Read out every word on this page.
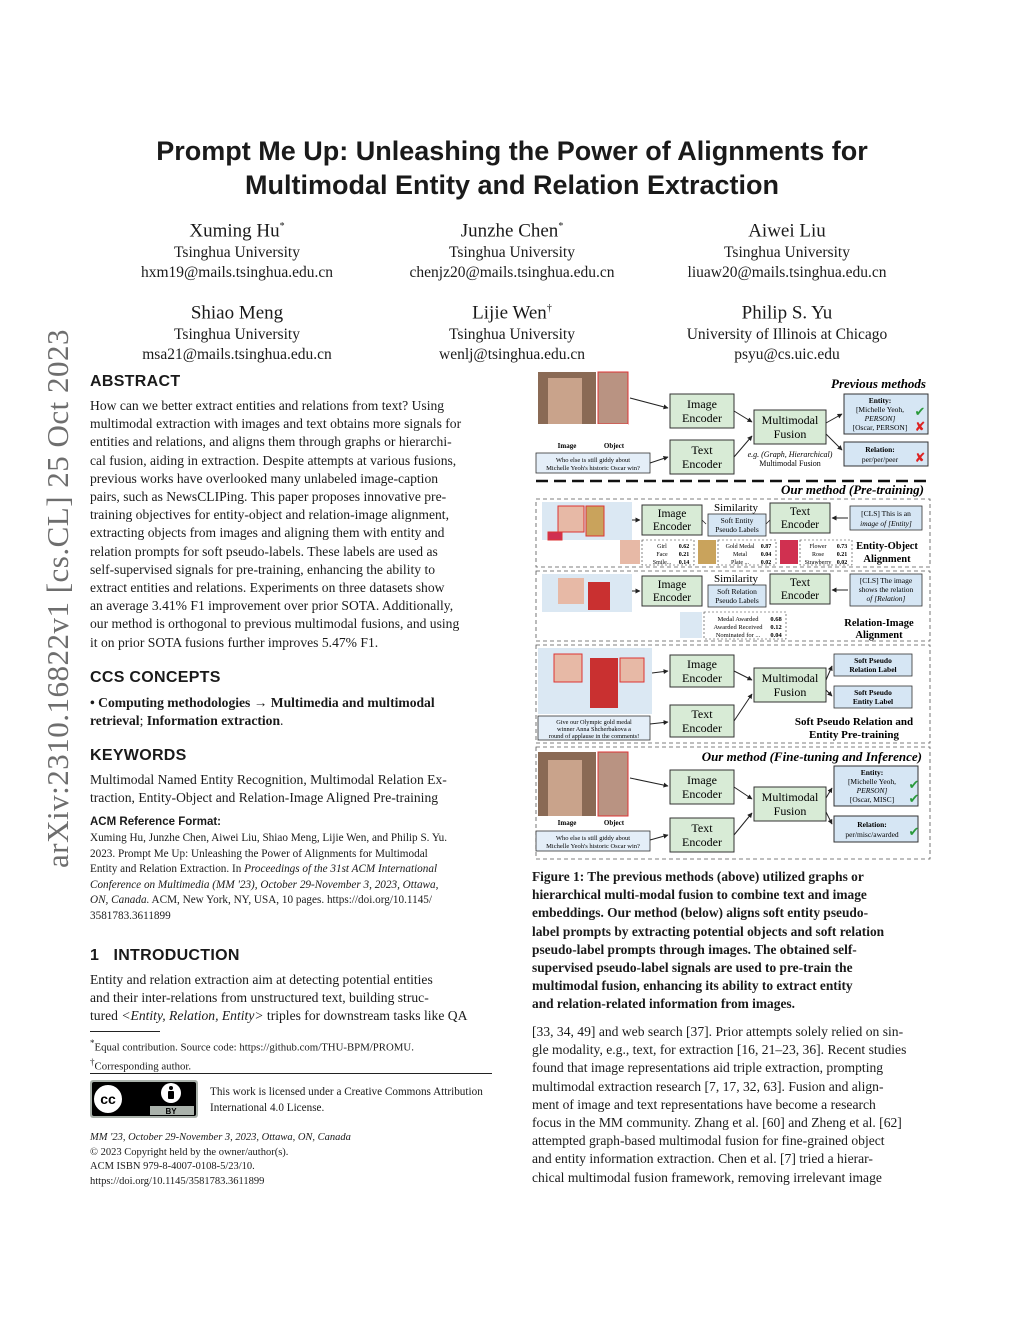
arXiv:2310.16822v1 [cs.CL] 25 Oct 2023
Prompt Me Up: Unleashing the Power of Alignments for
Multimodal Entity and Relation Extraction
Xuming Hu*
Tsinghua University
hxm19@mails.tsinghua.edu.cn
Junzhe Chen*
Tsinghua University
chenjz20@mails.tsinghua.edu.cn
Aiwei Liu
Tsinghua University
liuaw20@mails.tsinghua.edu.cn
Shiao Meng
Tsinghua University
msa21@mails.tsinghua.edu.cn
Lijie Wen†
Tsinghua University
wenlj@tsinghua.edu.cn
Philip S. Yu
University of Illinois at Chicago
psyu@cs.uic.edu
ABSTRACT
How can we better extract entities and relations from text? Using
multimodal extraction with images and text obtains more signals for
entities and relations, and aligns them through graphs or hierarchi-
cal fusion, aiding in extraction. Despite attempts at various fusions,
previous works have overlooked many unlabeled image-caption
pairs, such as NewsCLIPing. This paper proposes innovative pre-
training objectives for entity-object and relation-image alignment,
extracting objects from images and aligning them with entity and
relation prompts for soft pseudo-labels. These labels are used as
self-supervised signals for pre-training, enhancing the ability to
extract entities and relations. Experiments on three datasets show
an average 3.41% F1 improvement over prior SOTA. Additionally,
our method is orthogonal to previous multimodal fusions, and using
it on prior SOTA fusions further improves 5.47% F1.
CCS CONCEPTS
• Computing methodologies → Multimedia and multimodal
retrieval; Information extraction.
KEYWORDS
Multimodal Named Entity Recognition, Multimodal Relation Ex-
traction, Entity-Object and Relation-Image Aligned Pre-training
ACM Reference Format:
Xuming Hu, Junzhe Chen, Aiwei Liu, Shiao Meng, Lijie Wen, and Philip S. Yu.
2023. Prompt Me Up: Unleashing the Power of Alignments for Multimodal
Entity and Relation Extraction. In Proceedings of the 31st ACM International
Conference on Multimedia (MM '23), October 29-November 3, 2023, Ottawa,
ON, Canada. ACM, New York, NY, USA, 10 pages. https://doi.org/10.1145/
3581783.3611899
1 INTRODUCTION
Entity and relation extraction aim at detecting potential entities
and their inter-relations from unstructured text, building struc-
tured <Entity, Relation, Entity> triples for downstream tasks like QA
*Equal contribution. Source code: https://github.com/THU-BPM/PROMU.
†Corresponding author.
cc
BY
This work is licensed under a Creative Commons Attribution
International 4.0 License.
MM '23, October 29-November 3, 2023, Ottawa, ON, Canada
© 2023 Copyright held by the owner/author(s).
ACM ISBN 979-8-4007-0108-5/23/10.
https://doi.org/10.1145/3581783.3611899
Image	Object
Who else is still giddy about
Michelle Yeoh's historic Oscar win?
Image
Encoder
Text
Encoder
Multimodal
Fusion
e.g. (Graph, Hierarchical)
Multimodal Fusion
Previous methods
Entity:
[Michelle Yeoh,
PERSON]
[Oscar, PERSON]
✔
✘
Relation:
per/per/peer ✘
Our method (Pre-training)
Image
Encoder
Similarity
Soft Entity
Pseudo Labels
Text
Encoder
[CLS] This is an
image of [Entity]
Girl 0.62
Face 0.21
Smile... 0.14
Gold Medal 0.87
Metal 0.04
Plate ... 0.02
Flower 0.73
Rose 0.21
Strawberry 0.02
Entity-Object
Alignment
Image
Encoder
Similarity
Soft Relation
Pseudo Labels
Text
Encoder
[CLS] The image
shows the relation
of [Relation]
Medal Awarded 0.68
Awarded Received 0.12
Nominated for ... 0.04
Relation-Image
Alignment
Give our Olympic gold medal
winner Anna Shcherbakova a
round of applause in the comments!
Image
Encoder
Text
Encoder
Multimodal
Fusion
Soft Pseudo
Relation Label
Soft Pseudo
Entity Label
Soft Pseudo Relation and
Entity Pre-training
Our method (Fine-tuning and Inference)
Image	Object
Who else is still giddy about
Michelle Yeoh's historic Oscar win?
Image
Encoder
Text
Encoder
Multimodal
Fusion
Entity:
[Michelle Yeoh,
PERSON]
[Oscar, MISC]
✔
✔
Relation:
per/misc/awarded ✔
Figure 1: The previous methods (above) utilized graphs or
hierarchical multi-modal fusion to combine text and image
embeddings. Our method (below) aligns soft entity pseudo-
label prompts by extracting potential objects and soft relation
pseudo-label prompts through images. The obtained self-
supervised pseudo-label signals are used to pre-train the
multimodal fusion, enhancing its ability to extract entity
and relation-related information from images.
[33, 34, 49] and web search [37]. Prior attempts solely relied on sin-
gle modality, e.g., text, for extraction [16, 21–23, 36]. Recent studies
found that image representations aid triple extraction, prompting
multimodal extraction research [7, 17, 32, 63]. Fusion and align-
ment of image and text representations have become a research
focus in the MM community. Zhang et al. [60] and Zheng et al. [62]
attempted graph-based multimodal fusion for fine-grained object
and entity information extraction. Chen et al. [7] tried a hierar-
chical multimodal fusion framework, removing irrelevant image
